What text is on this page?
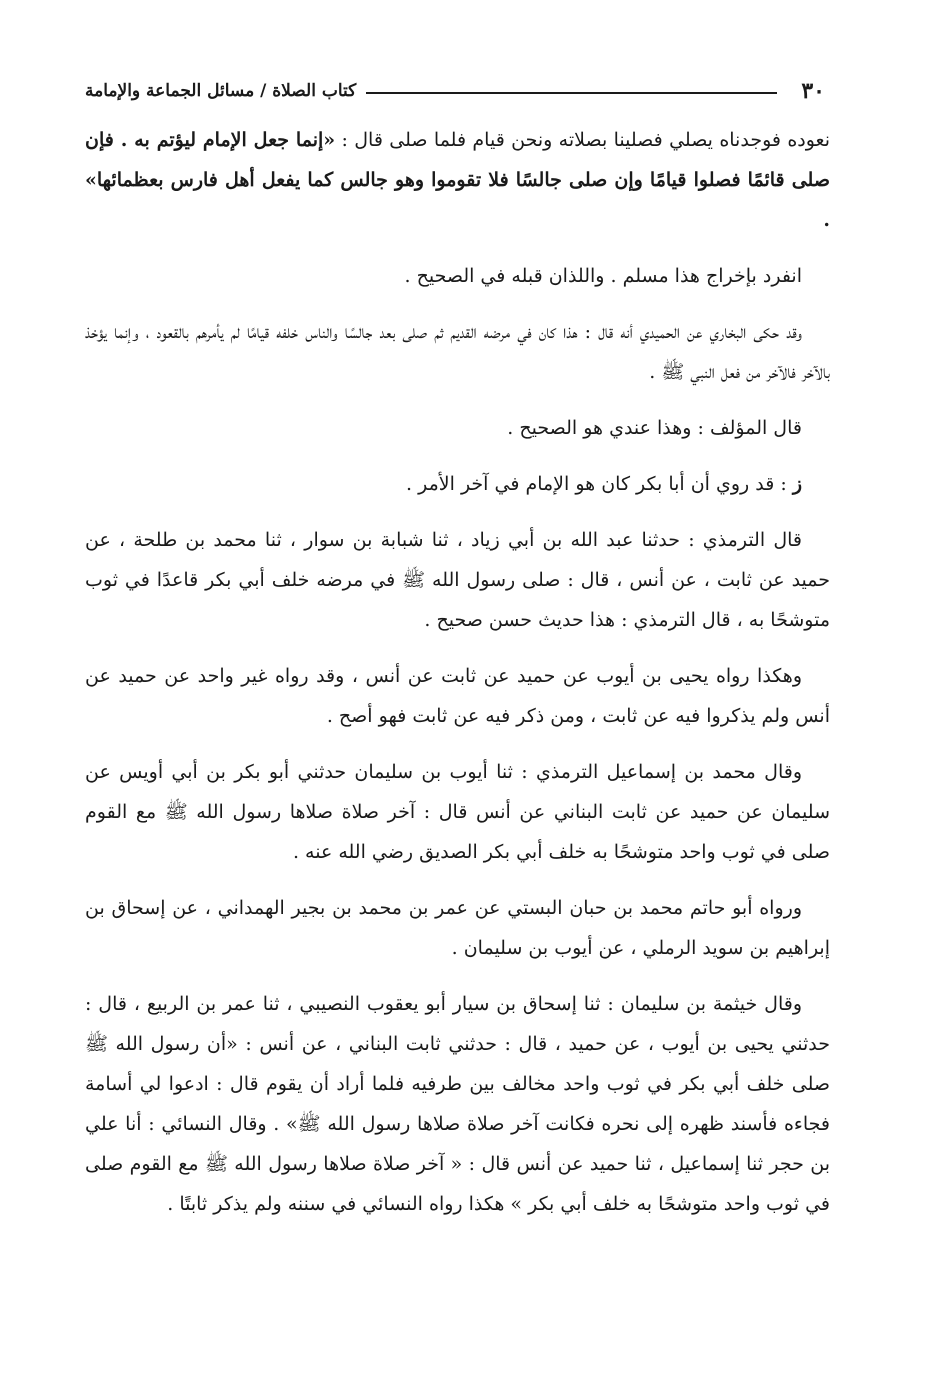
٣٠
كتاب الصلاة / مسائل الجماعة والإمامة

نعوده فوجدناه يصلي فصلينا بصلاته ونحن قيام فلما صلى قال : «إنما جعل الإمام ليؤتم به . فإن صلى قائمًا فصلوا قيامًا وإن صلى جالسًا فلا تقوموا وهو جالس كما يفعل أهل فارس بعظمائها» .

انفرد بإخراج هذا مسلم . واللذان قبله في الصحيح .

وقد حكى البخاري عن الحميدي أنه قال : هذا كان في مرضه القديم ثم صلى بعد جالسًا والناس خلفه قيامًا لم يأمرهم بالقعود ، وإنما يؤخذ بالآخر فالآخر من فعل النبي ﷺ .

قال المؤلف : وهذا عندي هو الصحيح .

ز : قد روي أن أبا بكر كان هو الإمام في آخر الأمر .

قال الترمذي : حدثنا عبد الله بن أبي زياد ، ثنا شبابة بن سوار ، ثنا محمد بن طلحة ، عن حميد عن ثابت ، عن أنس ، قال : صلى رسول الله ﷺ في مرضه خلف أبي بكر قاعدًا في ثوب متوشحًا به ، قال الترمذي : هذا حديث حسن صحيح .

وهكذا رواه يحيى بن أيوب عن حميد عن ثابت عن أنس ، وقد رواه غير واحد عن حميد عن أنس ولم يذكروا فيه عن ثابت ، ومن ذكر فيه عن ثابت فهو أصح .

وقال محمد بن إسماعيل الترمذي : ثنا أيوب بن سليمان حدثني أبو بكر بن أبي أويس عن سليمان عن حميد عن ثابت البناني عن أنس قال : آخر صلاة صلاها رسول الله ﷺ مع القوم صلى في ثوب واحد متوشحًا به خلف أبي بكر الصديق رضي الله عنه .

ورواه أبو حاتم محمد بن حبان البستي عن عمر بن محمد بن بجير الهمداني ، عن إسحاق بن إبراهيم بن سويد الرملي ، عن أيوب بن سليمان .

وقال خيثمة بن سليمان : ثنا إسحاق بن سيار أبو يعقوب النصيبي ، ثنا عمر بن الربيع ، قال : حدثني يحيى بن أيوب ، عن حميد ، قال : حدثني ثابت البناني ، عن أنس : «أن رسول الله ﷺ صلى خلف أبي بكر في ثوب واحد مخالف بين طرفيه فلما أراد أن يقوم قال : ادعوا لي أسامة فجاءه فأسند ظهره إلى نحره فكانت آخر صلاة صلاها رسول الله ﷺ» . وقال النسائي : أنا علي بن حجر ثنا إسماعيل ، ثنا حميد عن أنس قال : « آخر صلاة صلاها رسول الله ﷺ مع القوم صلى في ثوب واحد متوشحًا به خلف أبي بكر » هكذا رواه النسائي في سننه ولم يذكر ثابتًا .
